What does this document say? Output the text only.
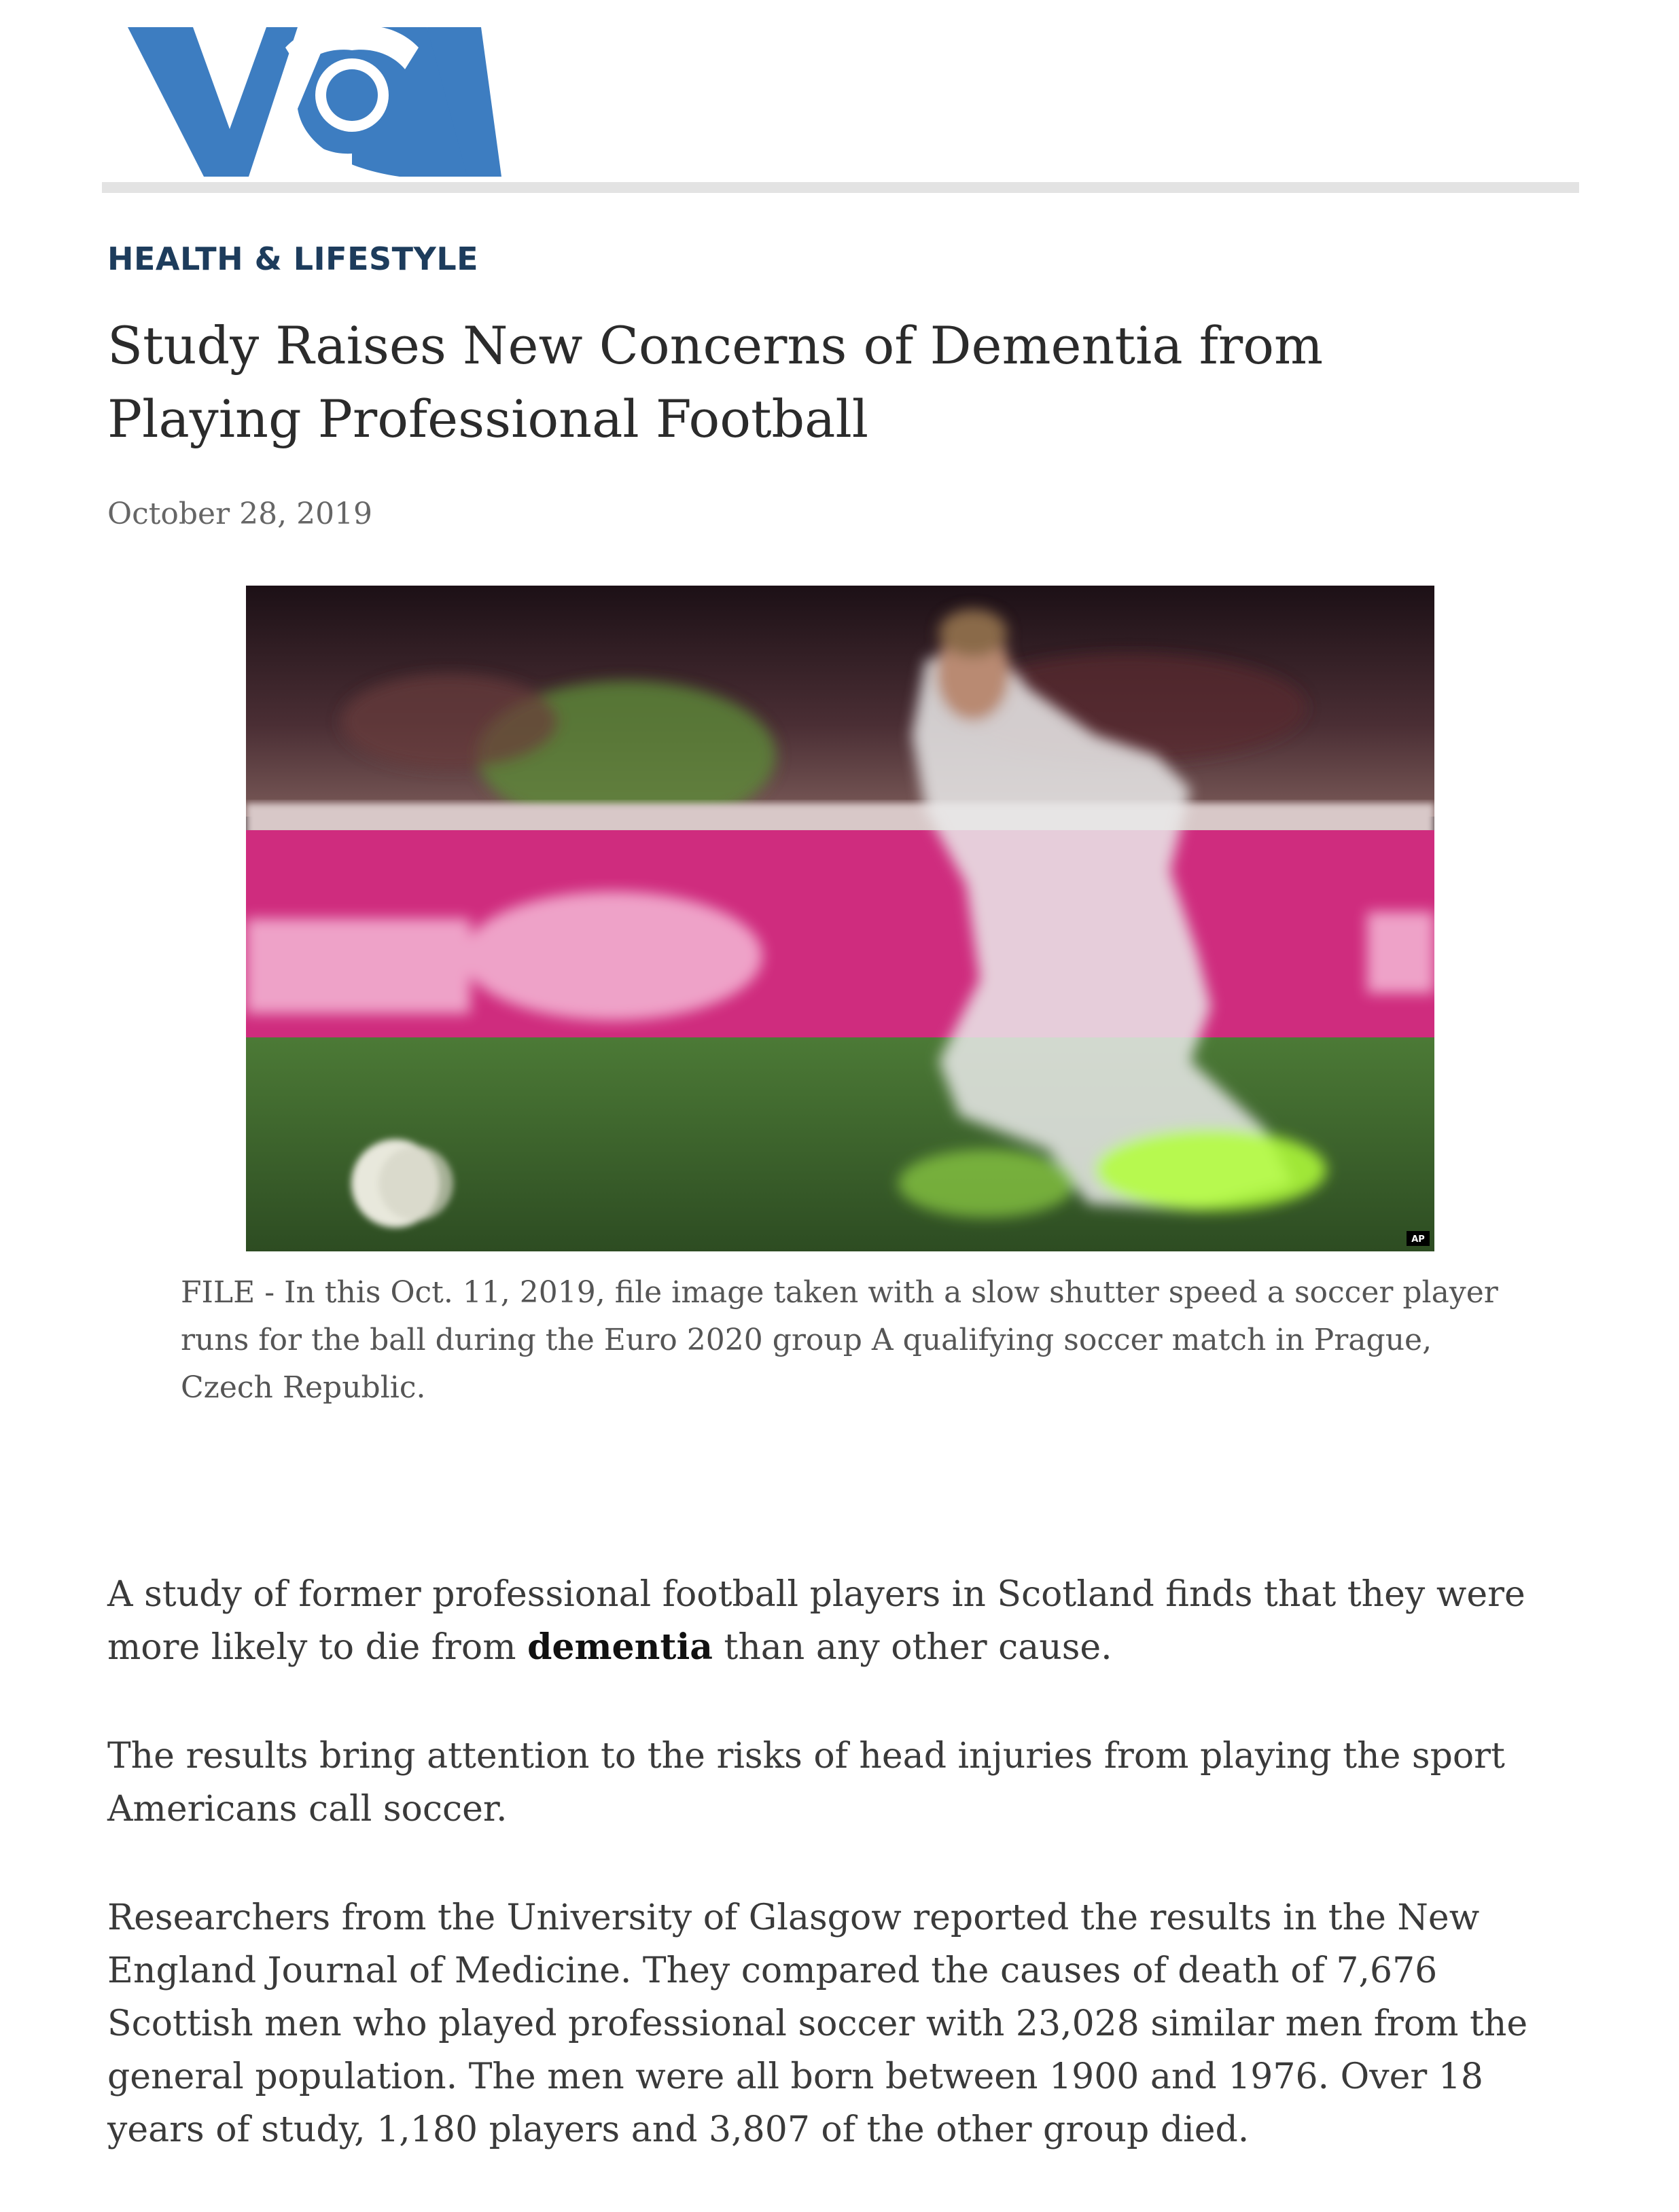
HEALTH & LIFESTYLE
Study Raises New Concerns of Dementia from Playing Professional Football
October 28, 2019
AP

FILE - In this Oct. 11, 2019, file image taken with a slow shutter speed a soccer player runs for the ball during the Euro 2020 group A qualifying soccer match in Prague, Czech Republic.

A study of former professional football players in Scotland finds that they were more likely to die from dementia than any other cause.

The results bring attention to the risks of head injuries from playing the sport Americans call soccer.

Researchers from the University of Glasgow reported the results in the New England Journal of Medicine. They compared the causes of death of 7,676 Scottish men who played professional soccer with 23,028 similar men from the general population. The men were all born between 1900 and 1976. Over 18 years of study, 1,180 players and 3,807 of the other group died.
